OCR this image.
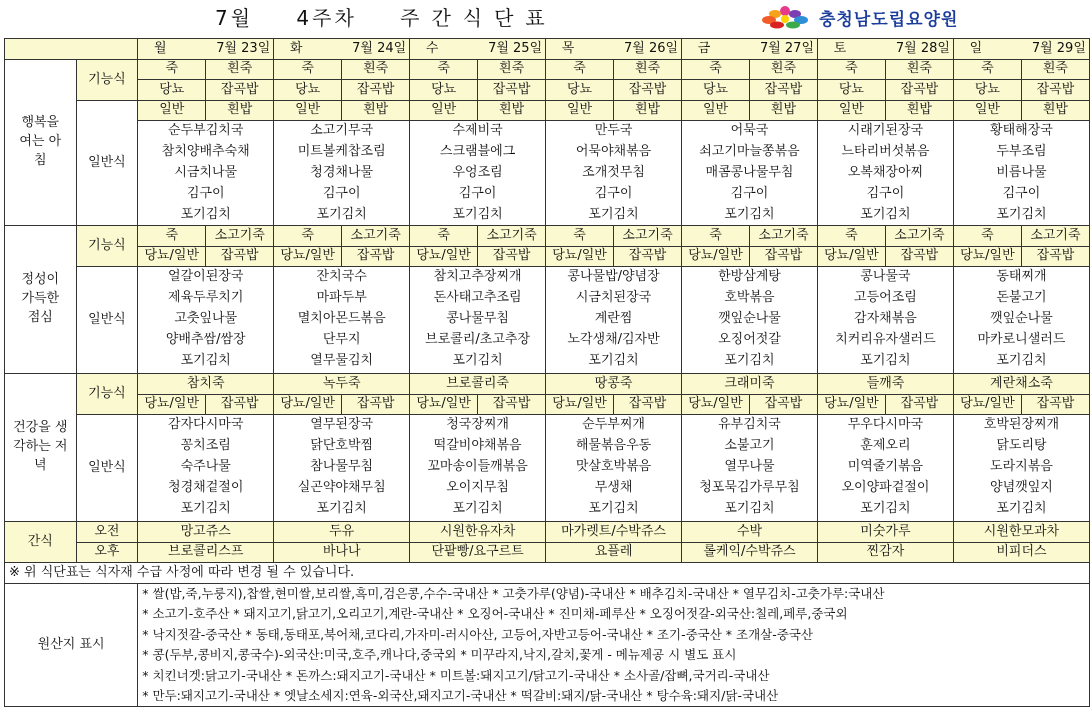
7월 4주차 주간식단표	충청남도립요양원
		월 7월 23일		화 7월 24일		수 7월 25일		목 7월 26일		금 7월 27일		토 7월 28일		일 7월 29일	
행복을 여는 아침	기능식	죽	흰죽	죽	흰죽	죽	흰죽	죽	흰죽	죽	흰죽	죽	흰죽	죽	흰죽
		당뇨	잡곡밥	당뇨	잡곡밥	당뇨	잡곡밥	당뇨	잡곡밥	당뇨	잡곡밥	당뇨	잡곡밥	당뇨	잡곡밥
	일반식	일반	흰밥	일반	흰밥	일반	흰밥	일반	흰밥	일반	흰밥	일반	흰밥	일반	흰밥
		순두부김치국		소고기무국		수제비국		만두국		어묵국		시래기된장국		황태해장국	
		참치양배추숙채		미트볼케찹조림		스크램블에그		어묵야채볶음		쇠고기마늘쫑볶음		느타리버섯볶음		두부조림	
		시금치나물		청경채나물		우엉조림		조개젓무침		매콤콩나물무침		오복채장아찌		비름나물	
		김구이		김구이		김구이		김구이		김구이		김구이		김구이	
		포기김치		포기김치		포기김치		포기김치		포기김치		포기김치		포기김치	
정성이 가득한 점심	기능식	죽	소고기죽	죽	소고기죽	죽	소고기죽	죽	소고기죽	죽	소고기죽	죽	소고기죽	죽	소고기죽
		당뇨/일반	잡곡밥	당뇨/일반	잡곡밥	당뇨/일반	잡곡밥	당뇨/일반	잡곡밥	당뇨/일반	잡곡밥	당뇨/일반	잡곡밥	당뇨/일반	잡곡밥
	일반식	얼갈이된장국		잔치국수		참치고추장찌개		콩나물밥/양념장		한방삼계탕		콩나물국		동태찌개	
		제육두루치기		마파두부		돈사태고추조림		시금치된장국		호박볶음		고등어조림		돈불고기	
		고춧잎나물		멸치아몬드볶음		콩나물무침		계란찜		깻잎순나물		감자채볶음		깻잎순나물	
		양배추쌈/쌈장		단무지		브로콜리/초고추장		노각생채/김자반		오징어젓갈		치커리유자샐러드		마카로니샐러드	
		포기김치		열무물김치		포기김치		포기김치		포기김치		포기김치		포기김치	

건강을 생각하는 저녁	기능식	참치죽		녹두죽		브로콜리죽		땅콩죽		크래미죽		들깨죽		계란채소죽	
		당뇨/일반	잡곡밥	당뇨/일반	잡곡밥	당뇨/일반	잡곡밥	당뇨/일반	잡곡밥	당뇨/일반	잡곡밥	당뇨/일반	잡곡밥	당뇨/일반	잡곡밥
	일반식	감자다시마국		열무된장국		청국장찌개		순두부찌개		유부김치국		무우다시마국		호박된장찌개	
		꽁치조림		닭단호박찜		떡갈비야채볶음		해물볶음우동		소불고기		훈제오리		닭도리탕	
		숙주나물		참나물무침		꼬마송이들깨볶음		맛살호박볶음		열무나물		미역줄기볶음		도라지볶음	
		청경채겉절이		실곤약야채무침		오이지무침		무생채		청포묵김가루무침		오이양파겉절이		양념깻잎지	
		포기김치		포기김치		포기김치		포기김치		포기김치		포기김치		포기김치	

간식	오전	망고쥬스		두유		시원한유자차		마가렛트/수박쥬스		수박		미숫가루		시원한모과차	
	오후	브로콜리스프		바나나		단팥빵/요구르트		요플레		롤케익/수박쥬스		찐감자		비피더스	
※ 위 식단표는 식자재 수급 사정에 따라 변경 될 수 있습니다.															
원산지 표시		* 쌀(밥,죽,누룽지),찹쌀,현미쌀,보리쌀,흑미,검은콩,수수-국내산 * 고춧가루(양념)-국내산 * 배추김치-국내산 * 열무김치-고춧가루:국내산													
		* 소고기-호주산 * 돼지고기,닭고기,오리고기,계란-국내산 * 오징어-국내산 * 진미채-페루산 * 오징어젓갈-외국산:칠레,페루,중국외													
		* 낙지젓갈-중국산 * 동태,동태포,북어채,코다리,가자미-러시아산, 고등어,자반고등어-국내산 * 조기-중국산 * 조개살-중국산													
		* 콩(두부,콩비지,콩국수)-외국산:미국,호주,캐나다,중국외 * 미꾸라지,낙지,갈치,꽃게 - 메뉴제공 시 별도 표시													
		* 치킨너겟:닭고기-국내산 * 돈까스:돼지고기-국내산 * 미트볼:돼지고기/닭고기-국내산 * 소사골/잡뼈,국거리-국내산													
		* 만두:돼지고기-국내산 * 엣날소세지:연육-외국산,돼지고기-국내산 * 떡갈비:돼지/닭-국내산 * 탕수육:돼지/닭-국내산													
